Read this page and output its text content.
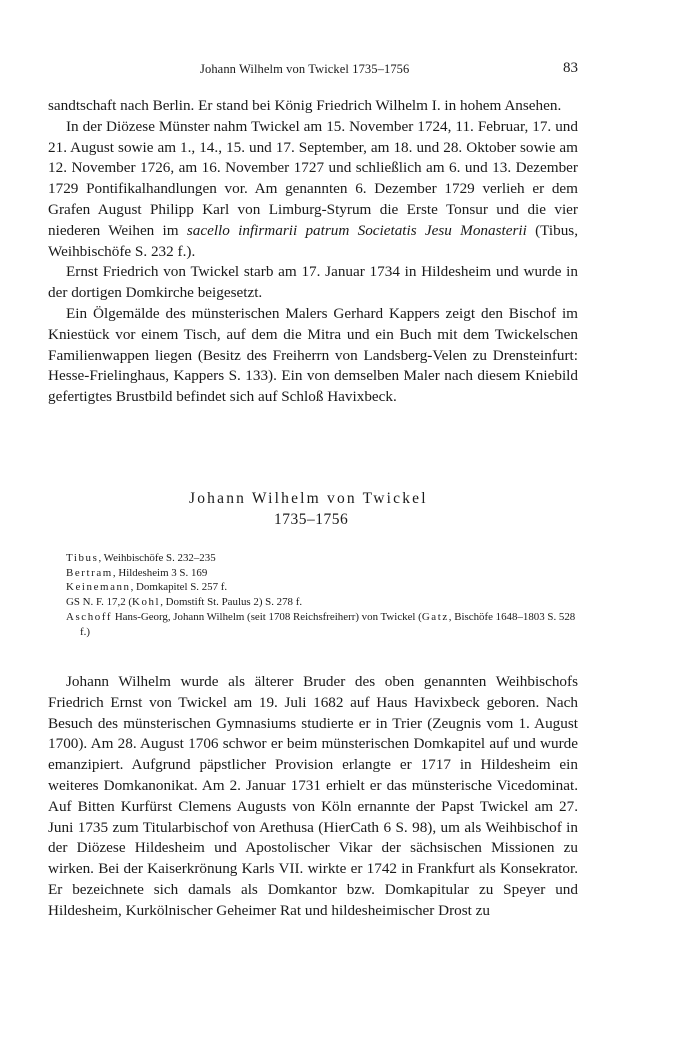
Johann Wilhelm von Twickel 1735–1756	83

sandtschaft nach Berlin. Er stand bei König Friedrich Wilhelm I. in hohem Ansehen.

In der Diözese Münster nahm Twickel am 15. November 1724, 11. Februar, 17. und 21. August sowie am 1., 14., 15. und 17. September, am 18. und 28. Oktober sowie am 12. November 1726, am 16. November 1727 und schließlich am 6. und 13. Dezember 1729 Pontifikalhandlungen vor. Am genannten 6. Dezember 1729 verlieh er dem Grafen August Philipp Karl von Limburg-Styrum die Erste Tonsur und die vier niederen Weihen im sacello infirmarii patrum Societatis Jesu Monasterii (Tibus, Weihbischöfe S. 232 f.).

Ernst Friedrich von Twickel starb am 17. Januar 1734 in Hildesheim und wurde in der dortigen Domkirche beigesetzt.

Ein Ölgemälde des münsterischen Malers Gerhard Kappers zeigt den Bischof im Kniestück vor einem Tisch, auf dem die Mitra und ein Buch mit dem Twickelschen Familienwappen liegen (Besitz des Freiherrn von Landsberg-Velen zu Drensteinfurt: Hesse-Frielinghaus, Kappers S. 133). Ein von demselben Maler nach diesem Kniebild gefertigtes Brustbild befindet sich auf Schloß Havixbeck.

Johann Wilhelm von Twickel
1735–1756

Tibus, Weihbischöfe S. 232–235

Bertram, Hildesheim 3 S. 169

Keinemann, Domkapitel S. 257 f.

GS N. F. 17,2 (Kohl, Domstift St. Paulus 2) S. 278 f.

Aschoff Hans-Georg, Johann Wilhelm (seit 1708 Reichsfreiherr) von Twickel (Gatz, Bischöfe 1648–1803 S. 528 f.)

Johann Wilhelm wurde als älterer Bruder des oben genannten Weihbischofs Friedrich Ernst von Twickel am 19. Juli 1682 auf Haus Havixbeck geboren. Nach Besuch des münsterischen Gymnasiums studierte er in Trier (Zeugnis vom 1. August 1700). Am 28. August 1706 schwor er beim münsterischen Domkapitel auf und wurde emanzipiert. Aufgrund päpstlicher Provision erlangte er 1717 in Hildesheim ein weiteres Domkanonikat. Am 2. Januar 1731 erhielt er das münsterische Vicedominat. Auf Bitten Kurfürst Clemens Augusts von Köln ernannte der Papst Twickel am 27. Juni 1735 zum Titularbischof von Arethusa (HierCath 6 S. 98), um als Weihbischof in der Diözese Hildesheim und Apostolischer Vikar der sächsischen Missionen zu wirken. Bei der Kaiserkrönung Karls VII. wirkte er 1742 in Frankfurt als Konsekrator. Er bezeichnete sich damals als Domkantor bzw. Domkapitular zu Speyer und Hildesheim, Kurkölnischer Geheimer Rat und hildesheimischer Drost zu
